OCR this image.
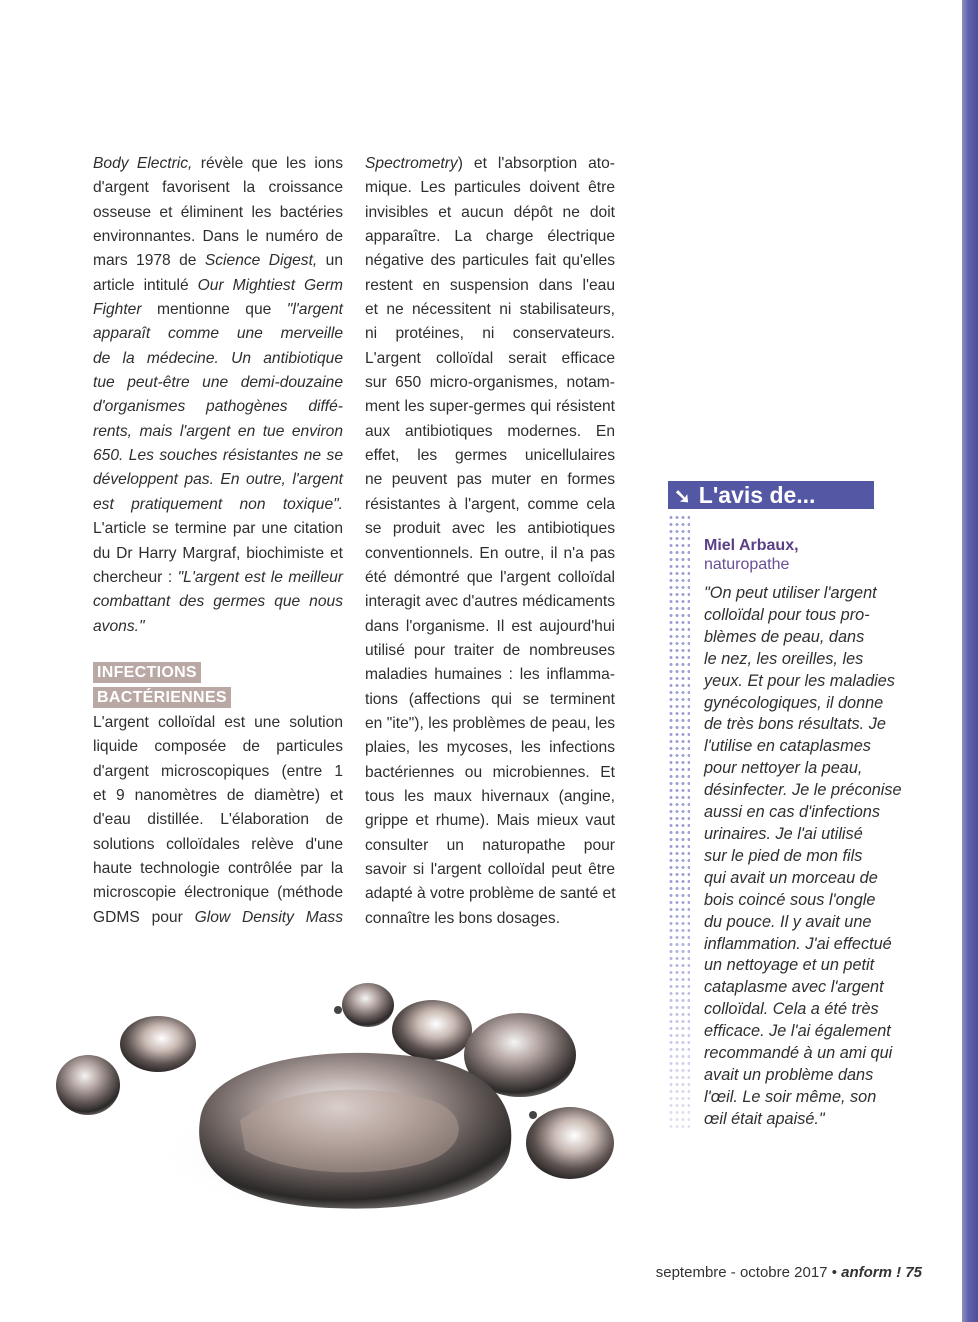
Body Electric, révèle que les ions
d'argent favorisent la croissance
osseuse et éliminent les bactéries
environnantes. Dans le numéro de
mars 1978 de Science Digest, un
article intitulé Our Mightiest Germ
Fighter mentionne que "l'argent
apparaît comme une merveille
de la médecine. Un antibiotique
tue peut-être une demi-douzaine
d'organismes pathogènes diffé-
rents, mais l'argent en tue environ
650. Les souches résistantes ne se
développent pas. En outre, l'argent
est pratiquement non toxique".
L'article se termine par une citation
du Dr Harry Margraf, biochimiste et
chercheur : "L'argent est le meilleur
combattant des germes que nous
avons."
INFECTIONS
BACTÉRIENNES
L'argent colloïdal est une solution
liquide composée de particules
d'argent microscopiques (entre 1
et 9 nanomètres de diamètre) et
d'eau distillée. L'élaboration de
solutions colloïdales relève d'une
haute technologie contrôlée par la
microscopie électronique (méthode
GDMS pour Glow Density Mass
Spectrometry) et l'absorption ato-
mique. Les particules doivent être
invisibles et aucun dépôt ne doit
apparaître. La charge électrique
négative des particules fait qu'elles
restent en suspension dans l'eau
et ne nécessitent ni stabilisateurs,
ni protéines, ni conservateurs.
L'argent colloïdal serait efficace
sur 650 micro-organismes, notam-
ment les super-germes qui résistent
aux antibiotiques modernes. En
effet, les germes unicellulaires
ne peuvent pas muter en formes
résistantes à l'argent, comme cela
se produit avec les antibiotiques
conventionnels. En outre, il n'a pas
été démontré que l'argent colloïdal
interagit avec d'autres médicaments
dans l'organisme. Il est aujourd'hui
utilisé pour traiter de nombreuses
maladies humaines : les inflamma-
tions (affections qui se terminent
en "ite"), les problèmes de peau, les
plaies, les mycoses, les infections
bactériennes ou microbiennes. Et
tous les maux hivernaux (angine,
grippe et rhume). Mais mieux vaut
consulter un naturopathe pour
savoir si l'argent colloïdal peut être
adapté à votre problème de santé et
connaître les bons dosages.
➘ L'avis de...
Miel Arbaux,
naturopathe
"On peut utiliser l'argent
colloïdal pour tous pro-
blèmes de peau, dans
le nez, les oreilles, les
yeux. Et pour les maladies
gynécologiques, il donne
de très bons résultats. Je
l'utilise en cataplasmes
pour nettoyer la peau,
désinfecter. Je le préconise
aussi en cas d'infections
urinaires. Je l'ai utilisé
sur le pied de mon fils
qui avait un morceau de
bois coincé sous l'ongle
du pouce. Il y avait une
inflammation. J'ai effectué
un nettoyage et un petit
cataplasme avec l'argent
colloïdal. Cela a été très
efficace. Je l'ai également
recommandé à un ami qui
avait un problème dans
l'œil. Le soir même, son
œil était apaisé."
septembre - octobre 2017 • anform ! 75
